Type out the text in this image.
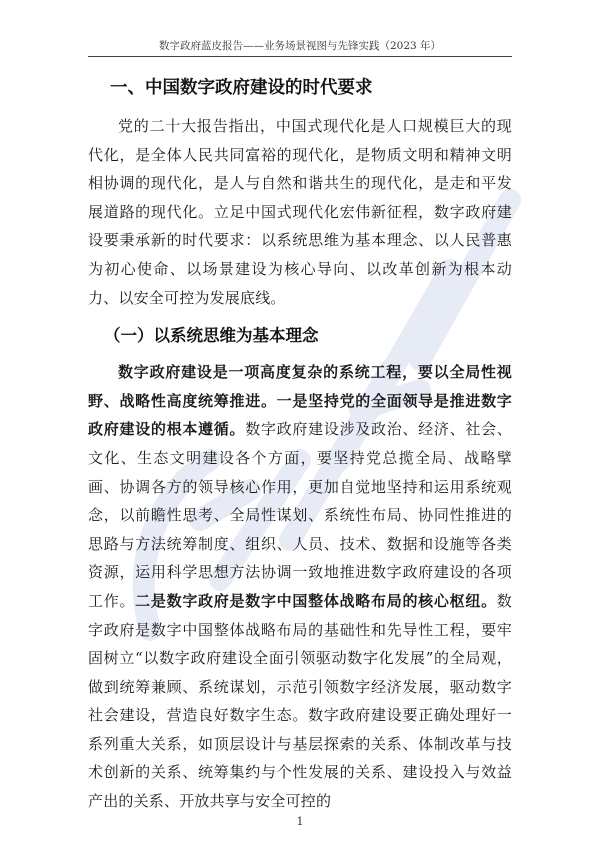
数字政府蓝皮报告——业务场景视图与先锋实践（2023 年）
一、中国数字政府建设的时代要求

党的二十大报告指出，中国式现代化是人口规模巨大的现代化，是全体人民共同富裕的现代化，是物质文明和精神文明相协调的现代化，是人与自然和谐共生的现代化，是走和平发展道路的现代化。立足中国式现代化宏伟新征程，数字政府建设要秉承新的时代要求：以系统思维为基本理念、以人民普惠为初心使命、以场景建设为核心导向、以改革创新为根本动力、以安全可控为发展底线。

（一）以系统思维为基本理念

数字政府建设是一项高度复杂的系统工程，要以全局性视野、战略性高度统筹推进。一是坚持党的全面领导是推进数字政府建设的根本遵循。数字政府建设涉及政治、经济、社会、文化、生态文明建设各个方面，要坚持党总揽全局、战略擘画、协调各方的领导核心作用，更加自觉地坚持和运用系统观念，以前瞻性思考、全局性谋划、系统性布局、协同性推进的思路与方法统筹制度、组织、人员、技术、数据和设施等各类资源，运用科学思想方法协调一致地推进数字政府建设的各项工作。二是数字政府是数字中国整体战略布局的核心枢纽。数字政府是数字中国整体战略布局的基础性和先导性工程，要牢固树立“以数字政府建设全面引领驱动数字化发展”的全局观，做到统筹兼顾、系统谋划，示范引领数字经济发展，驱动数字社会建设，营造良好数字生态。数字政府建设要正确处理好一系列重大关系，如顶层设计与基层探索的关系、体制改革与技术创新的关系、统筹集约与个性发展的关系、建设投入与效益产出的关系、开放共享与安全可控的

1
